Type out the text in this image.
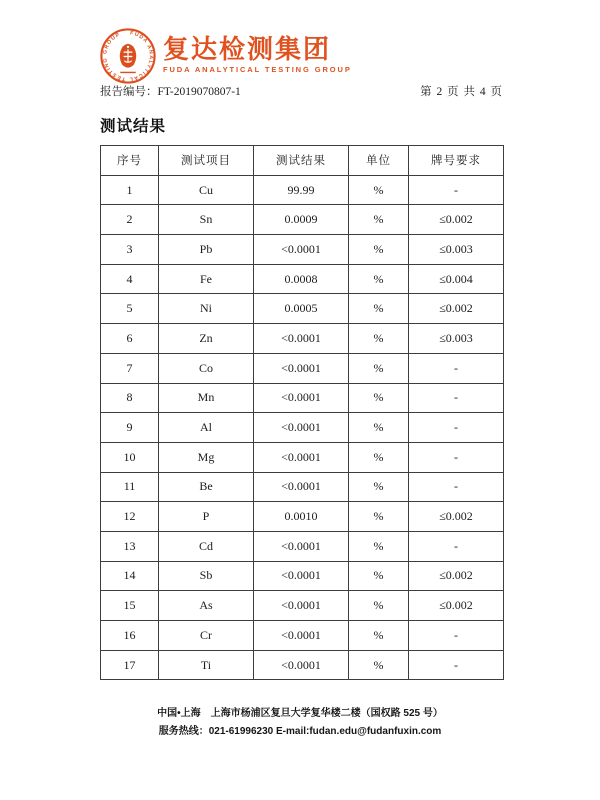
FUDA ANALYTICAL TESTING GROUP	复达检测集团
FUDA ANALYTICAL TESTING GROUP
报告编号：FT-2019070807-1	第 2 页 共 4 页
测试结果
序号	测试项目	测试结果	单位	牌号要求
1	Cu	99.99	%	-
2	Sn	0.0009	%	≤0.002
3	Pb	<0.0001	%	≤0.003
4	Fe	0.0008	%	≤0.004
5	Ni	0.0005	%	≤0.002
6	Zn	<0.0001	%	≤0.003
7	Co	<0.0001	%	-
8	Mn	<0.0001	%	-
9	Al	<0.0001	%	-
10	Mg	<0.0001	%	-
11	Be	<0.0001	%	-
12	P	0.0010	%	≤0.002
13	Cd	<0.0001	%	-
14	Sb	<0.0001	%	≤0.002
15	As	<0.0001	%	≤0.002
16	Cr	<0.0001	%	-
17	Ti	<0.0001	%	-
中国•上海　上海市杨浦区复旦大学复华楼二楼（国权路 525 号）
服务热线：021-61996230 E-mail:fudan.edu@fudanfuxin.com
